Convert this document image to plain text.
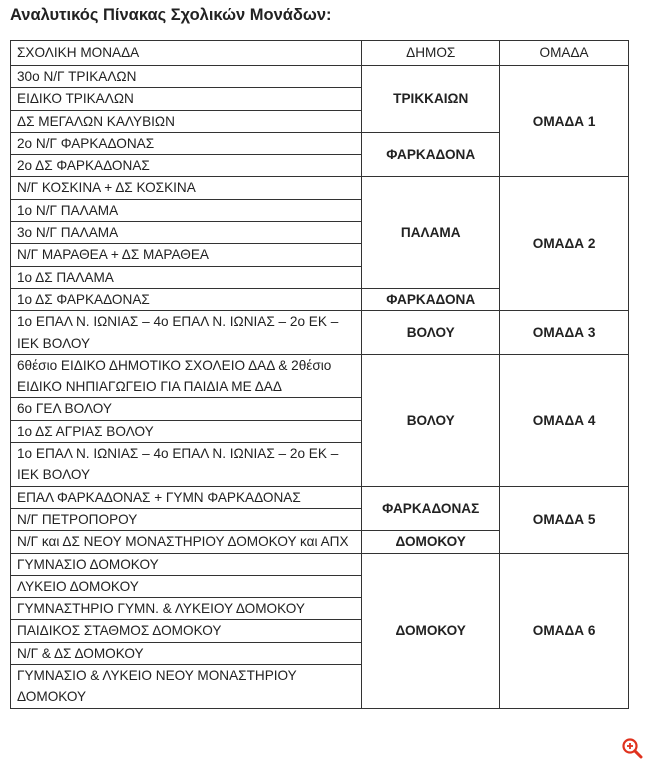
Αναλυτικός Πίνακας Σχολικών Μονάδων:
ΣΧΟΛΙΚΗ ΜΟΝΑΔΑ	ΔΗΜΟΣ	ΟΜΑΔΑ
30ο Ν/Γ ΤΡΙΚΑΛΩΝ	ΤΡΙΚΚΑΙΩΝ	ΟΜΑΔΑ 1
ΕΙΔΙΚΟ ΤΡΙΚΑΛΩΝ		
ΔΣ ΜΕΓΑΛΩΝ ΚΑΛΥΒΙΩΝ		
2ο Ν/Γ ΦΑΡΚΑΔΟΝΑΣ	ΦΑΡΚΑΔΟΝΑ	
2ο ΔΣ ΦΑΡΚΑΔΟΝΑΣ		
Ν/Γ ΚΟΣΚΙΝΑ + ΔΣ ΚΟΣΚΙΝΑ	ΠΑΛΑΜΑ	ΟΜΑΔΑ 2
1ο Ν/Γ ΠΑΛΑΜΑ		
3ο Ν/Γ ΠΑΛΑΜΑ		
Ν/Γ ΜΑΡΑΘΕΑ + ΔΣ ΜΑΡΑΘΕΑ		
1ο ΔΣ ΠΑΛΑΜΑ		
1ο ΔΣ ΦΑΡΚΑΔΟΝΑΣ	ΦΑΡΚΑΔΟΝΑ	
1ο ΕΠΑΛ Ν. ΙΩΝΙΑΣ – 4ο ΕΠΑΛ Ν. ΙΩΝΙΑΣ – 2ο ΕΚ – ΙΕΚ ΒΟΛΟΥ	ΒΟΛΟΥ	ΟΜΑΔΑ 3
6θέσιο ΕΙΔΙΚΟ ΔΗΜΟΤΙΚΟ ΣΧΟΛΕΙΟ ΔΑΔ & 2θέσιο ΕΙΔΙΚΟ ΝΗΠΙΑΓΩΓΕΙΟ ΓΙΑ ΠΑΙΔΙΑ ΜΕ ΔΑΔ	ΒΟΛΟΥ	ΟΜΑΔΑ 4
6ο ΓΕΛ ΒΟΛΟΥ		
1ο ΔΣ ΑΓΡΙΑΣ ΒΟΛΟΥ		
1ο ΕΠΑΛ Ν. ΙΩΝΙΑΣ – 4ο ΕΠΑΛ Ν. ΙΩΝΙΑΣ – 2ο ΕΚ – ΙΕΚ ΒΟΛΟΥ		
ΕΠΑΛ ΦΑΡΚΑΔΟΝΑΣ + ΓΥΜΝ ΦΑΡΚΑΔΟΝΑΣ	ΦΑΡΚΑΔΟΝΑΣ	ΟΜΑΔΑ 5
Ν/Γ ΠΕΤΡΟΠΟΡΟΥ		
Ν/Γ και ΔΣ ΝΕΟΥ ΜΟΝΑΣΤΗΡΙΟΥ ΔΟΜΟΚΟΥ και ΑΠΧ	ΔΟΜΟΚΟΥ	
ΓΥΜΝΑΣΙΟ ΔΟΜΟΚΟΥ	ΔΟΜΟΚΟΥ	ΟΜΑΔΑ 6
ΛΥΚΕΙΟ ΔΟΜΟΚΟΥ		
ΓΥΜΝΑΣΤΗΡΙΟ ΓΥΜΝ. & ΛΥΚΕΙΟΥ ΔΟΜΟΚΟΥ		
ΠΑΙΔΙΚΟΣ ΣΤΑΘΜΟΣ ΔΟΜΟΚΟΥ		
Ν/Γ & ΔΣ ΔΟΜΟΚΟΥ		
ΓΥΜΝΑΣΙΟ & ΛΥΚΕΙΟ ΝΕΟΥ ΜΟΝΑΣΤΗΡΙΟΥ ΔΟΜΟΚΟΥ		
